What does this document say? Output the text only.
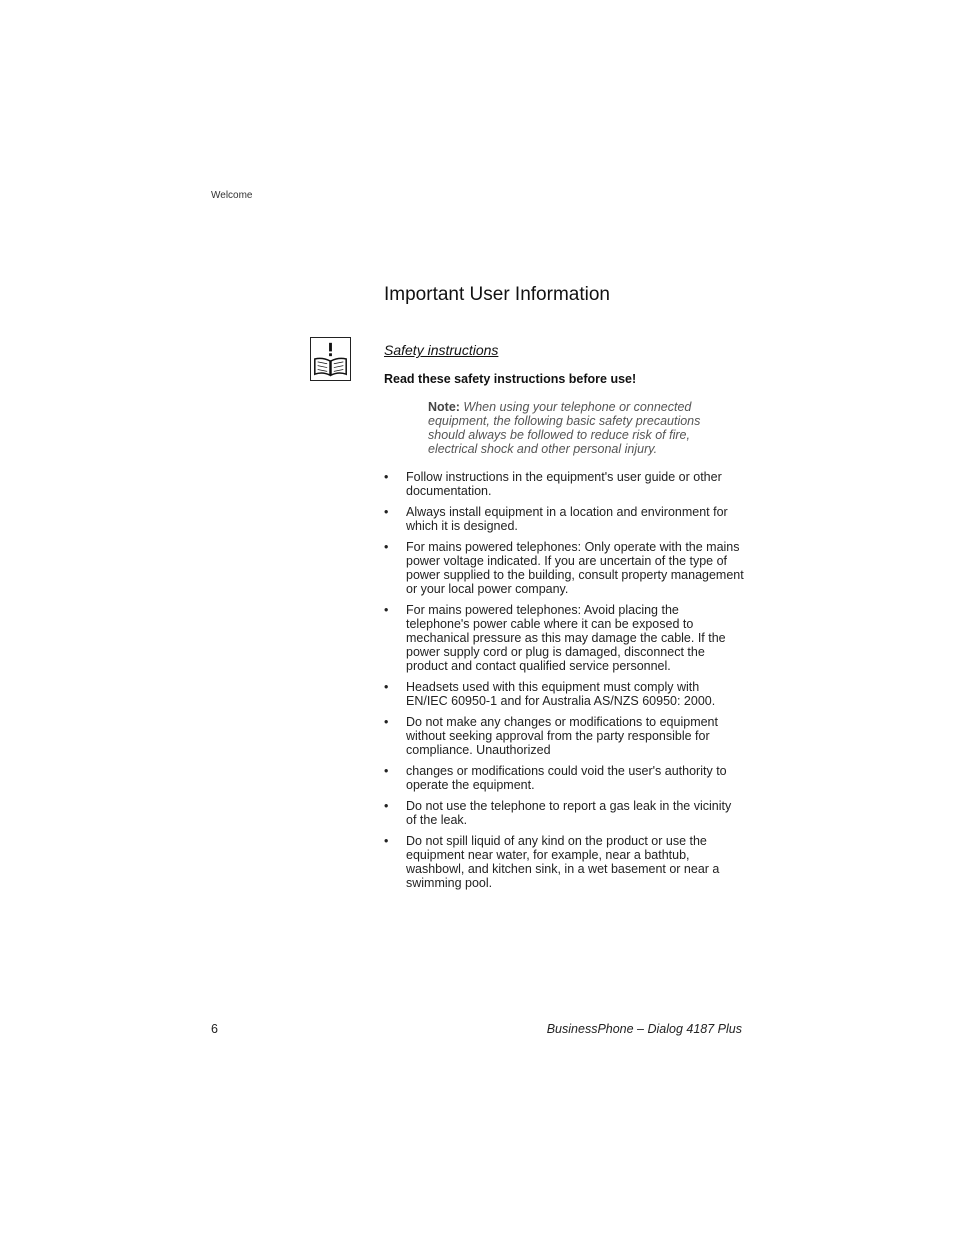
Welcome
Important User Information
Safety instructions
Read these safety instructions before use!
Note: When using your telephone or connected equipment, the following basic safety precautions should always be followed to reduce risk of fire, electrical shock and other personal injury.
• Follow instructions in the equipment's user guide or other documentation.
• Always install equipment in a location and environment for which it is designed.
• For mains powered telephones: Only operate with the mains power voltage indicated. If you are uncertain of the type of power supplied to the building, consult property management or your local power company.
• For mains powered telephones: Avoid placing the telephone's power cable where it can be exposed to mechanical pressure as this may damage the cable. If the power supply cord or plug is damaged, disconnect the product and contact qualified service personnel.
• Headsets used with this equipment must comply with EN/IEC 60950-1 and for Australia AS/NZS 60950: 2000.
• Do not make any changes or modifications to equipment without seeking approval from the party responsible for compliance. Unauthorized
• changes or modifications could void the user's authority to operate the equipment.
• Do not use the telephone to report a gas leak in the vicinity of the leak.
• Do not spill liquid of any kind on the product or use the equipment near water, for example, near a bathtub, washbowl, and kitchen sink, in a wet basement or near a swimming pool.
6	BusinessPhone – Dialog 4187 Plus
